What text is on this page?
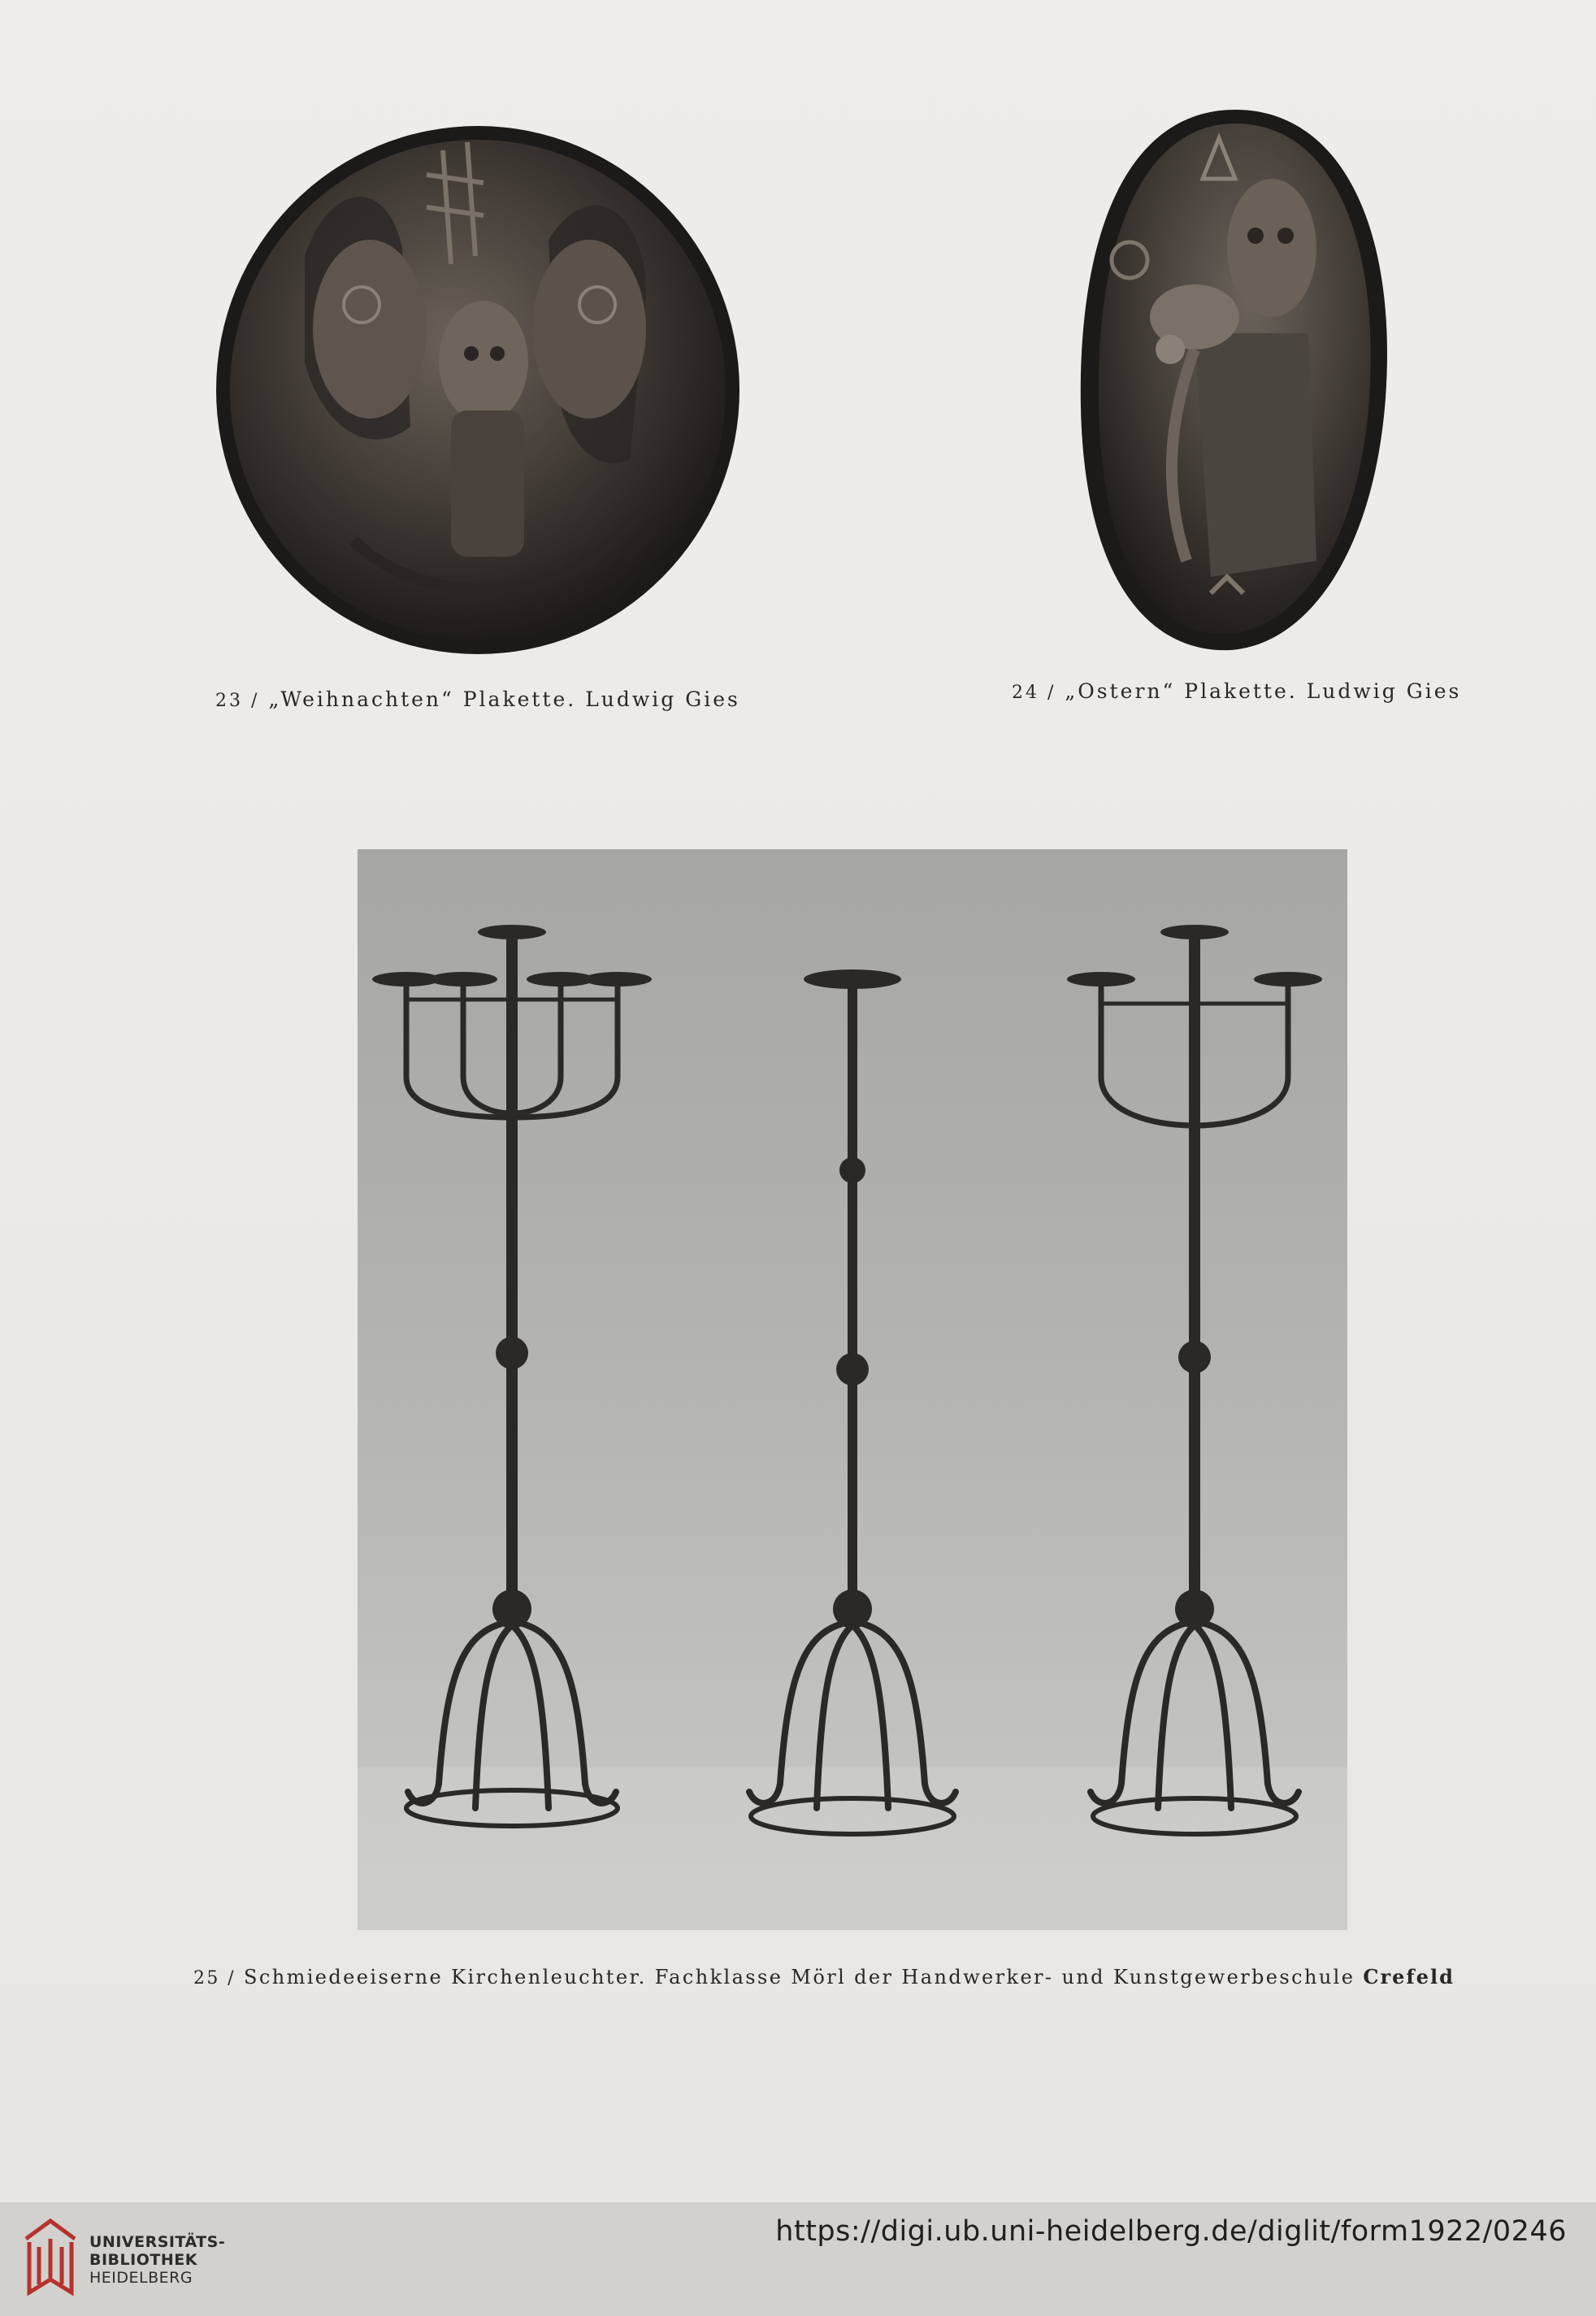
23 / „Weihnachten“ Plakette. Ludwig Gies	24 / „Ostern“ Plakette. Ludwig Gies
25 / Schmiedeeiserne Kirchenleuchter. Fachklasse Mörl der Handwerker- und Kunstgewerbeschule Crefeld
UNIVERSITÄTS-
BIBLIOTHEK
HEIDELBERG
https://digi.ub.uni-heidelberg.de/diglit/form1922/0246
